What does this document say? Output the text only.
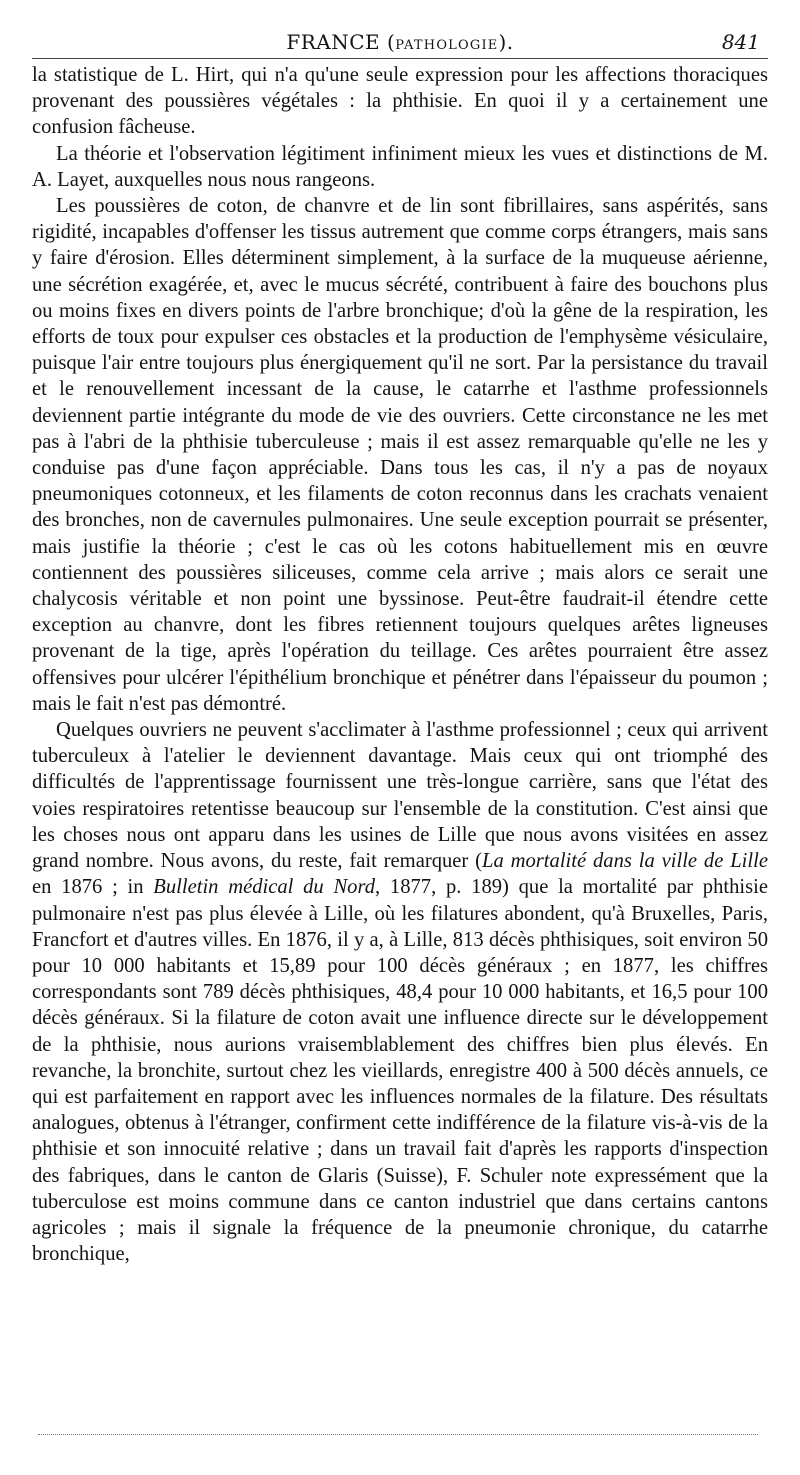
FRANCE (PATHOLOGIE).	841

la statistique de L. Hirt, qui n'a qu'une seule expression pour les affections thoraciques provenant des poussières végétales : la phthisie. En quoi il y a certainement une confusion fâcheuse.

La théorie et l'observation légitiment infiniment mieux les vues et distinctions de M. A. Layet, auxquelles nous nous rangeons.

Les poussières de coton, de chanvre et de lin sont fibrillaires, sans aspérités, sans rigidité, incapables d'offenser les tissus autrement que comme corps étrangers, mais sans y faire d'érosion. Elles déterminent simplement, à la surface de la muqueuse aérienne, une sécrétion exagérée, et, avec le mucus sécrété, contribuent à faire des bouchons plus ou moins fixes en divers points de l'arbre bronchique; d'où la gêne de la respiration, les efforts de toux pour expulser ces obstacles et la production de l'emphysème vésiculaire, puisque l'air entre toujours plus énergiquement qu'il ne sort. Par la persistance du travail et le renouvellement incessant de la cause, le catarrhe et l'asthme professionnels deviennent partie intégrante du mode de vie des ouvriers. Cette circonstance ne les met pas à l'abri de la phthisie tuberculeuse ; mais il est assez remarquable qu'elle ne les y conduise pas d'une façon appréciable. Dans tous les cas, il n'y a pas de noyaux pneumoniques cotonneux, et les filaments de coton reconnus dans les crachats venaient des bronches, non de cavernules pulmonaires. Une seule exception pourrait se présenter, mais justifie la théorie ; c'est le cas où les cotons habituellement mis en œuvre contiennent des poussières siliceuses, comme cela arrive ; mais alors ce serait une chalycosis véritable et non point une byssinose. Peut-être faudrait-il étendre cette exception au chanvre, dont les fibres retiennent toujours quelques arêtes ligneuses provenant de la tige, après l'opération du teillage. Ces arêtes pourraient être assez offensives pour ulcérer l'épithélium bronchique et pénétrer dans l'épaisseur du poumon ; mais le fait n'est pas démontré.

Quelques ouvriers ne peuvent s'acclimater à l'asthme professionnel ; ceux qui arrivent tuberculeux à l'atelier le deviennent davantage. Mais ceux qui ont triomphé des difficultés de l'apprentissage fournissent une très-longue carrière, sans que l'état des voies respiratoires retentisse beaucoup sur l'ensemble de la constitution. C'est ainsi que les choses nous ont apparu dans les usines de Lille que nous avons visitées en assez grand nombre. Nous avons, du reste, fait remarquer (La mortalité dans la ville de Lille en 1876 ; in Bulletin médical du Nord, 1877, p. 189) que la mortalité par phthisie pulmonaire n'est pas plus élevée à Lille, où les filatures abondent, qu'à Bruxelles, Paris, Francfort et d'autres villes. En 1876, il y a, à Lille, 813 décès phthisiques, soit environ 50 pour 10 000 habitants et 15,89 pour 100 décès généraux ; en 1877, les chiffres correspondants sont 789 décès phthisiques, 48,4 pour 10 000 habitants, et 16,5 pour 100 décès généraux. Si la filature de coton avait une influence directe sur le développement de la phthisie, nous aurions vraisemblablement des chiffres bien plus élevés. En revanche, la bronchite, surtout chez les vieillards, enregistre 400 à 500 décès annuels, ce qui est parfaitement en rapport avec les influences normales de la filature. Des résultats analogues, obtenus à l'étranger, confirment cette indifférence de la filature vis-à-vis de la phthisie et son innocuité relative ; dans un travail fait d'après les rapports d'inspection des fabriques, dans le canton de Glaris (Suisse), F. Schuler note expressément que la tuberculose est moins commune dans ce canton industriel que dans certains cantons agricoles ; mais il signale la fréquence de la pneumonie chronique, du catarrhe bronchique,
